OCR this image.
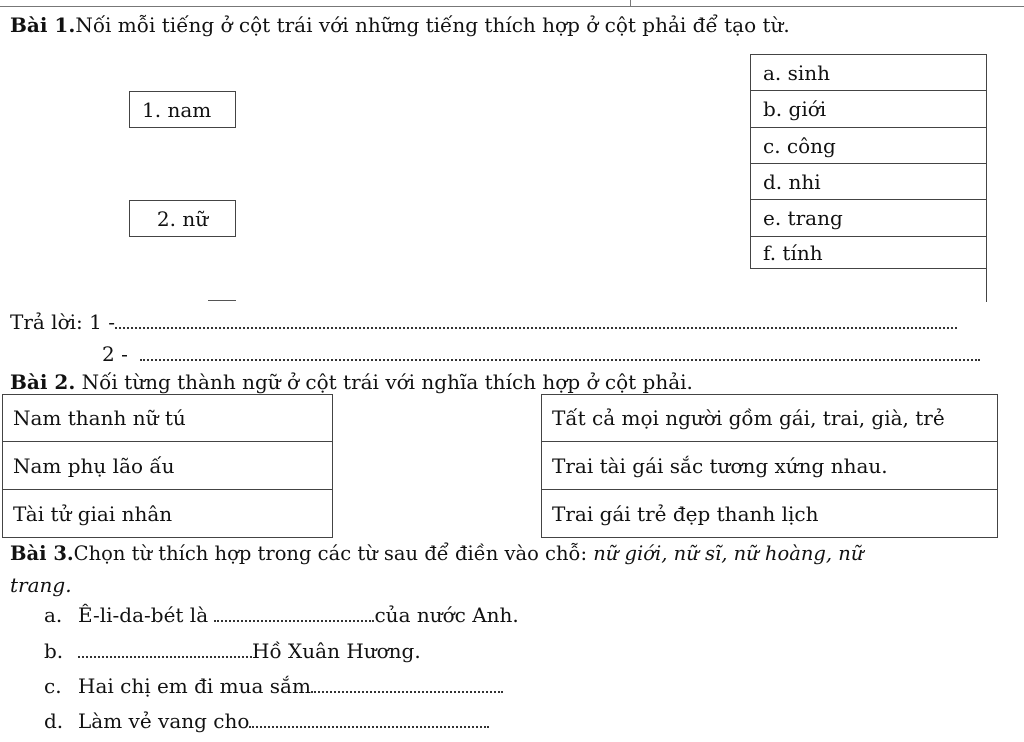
Bài 1.Nối mỗi tiếng ở cột trái với những tiếng thích hợp ở cột phải để tạo từ.
1. nam
2. nữ
a. sinh
b. giới
c. công
d. nhi
e. trang
f. tính
Trả lời: 1 -
2 -
Bài 2. Nối từng thành ngữ ở cột trái với nghĩa thích hợp ở cột phải.
Nam thanh nữ tú
Nam phụ lão ấu
Tài tử giai nhân
Tất cả mọi người gồm gái, trai, già, trẻ
Trai tài gái sắc tương xứng nhau.
Trai gái trẻ đẹp thanh lịch
Bài 3.Chọn từ thích hợp trong các từ sau để điền vào chỗ: nữ giới, nữ sĩ, nữ hoàng, nữ
trang.
a. Ê-li-da-bét là	của nước Anh.
b.	Hồ Xuân Hương.
c. Hai chị em đi mua sắm
d. Làm vẻ vang cho
